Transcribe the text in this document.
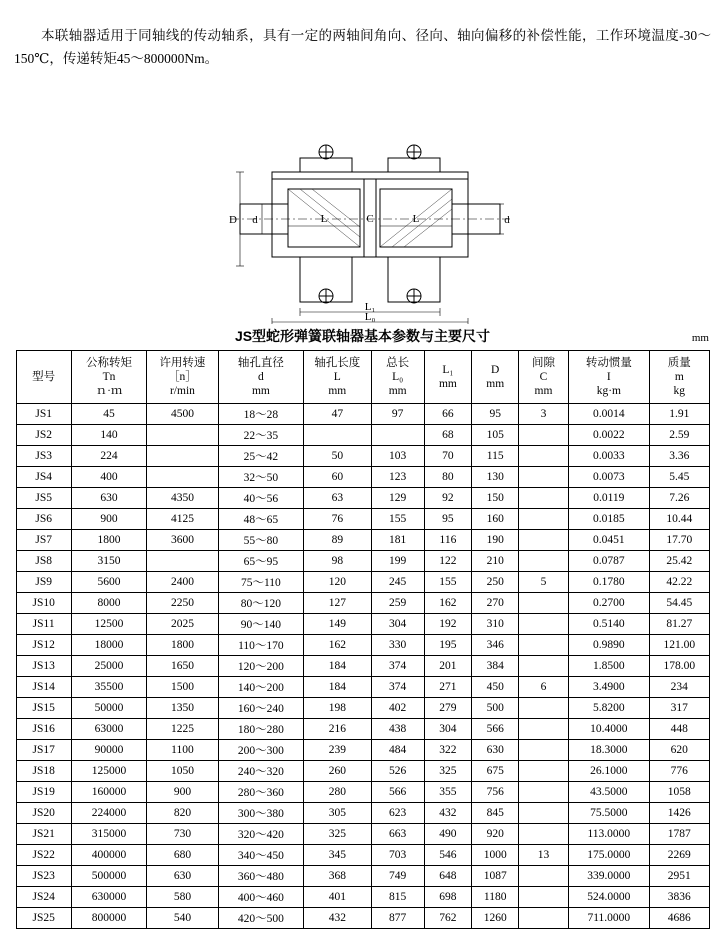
本联轴器适用于同轴线的传动轴系，具有一定的两轴间角向、径向、轴向偏移的补偿性能，工作环境温度-30～150℃，传递转矩45～800000Nm。

D d	L	C	L	d
L₁
L₀
JS型蛇形弹簧联轴器基本参数与主要尺寸	mm
型号	公称转矩
Tn
ｎ·ｍ	许用转速
［n］
r/min	轴孔直径
d
mm	轴孔长度
L
mm	总长
L₀
mm	L₁
mm	D
mm	间隙
C
mm	转动惯量
I
kg·m	质量
m
kg

JS1	45	4500	18～28	47	97	66	95	3	0.0014	1.91
JS2	140		22～35			68	105		0.0022	2.59
JS3	224		25～42	50	103	70	115		0.0033	3.36
JS4	400		32～50	60	123	80	130		0.0073	5.45
JS5	630	4350	40～56	63	129	92	150		0.0119	7.26
JS6	900	4125	48～65	76	155	95	160		0.0185	10.44
JS7	1800	3600	55～80	89	181	116	190		0.0451	17.70
JS8	3150		65～95	98	199	122	210		0.0787	25.42
JS9	5600	2400	75～110	120	245	155	250	5	0.1780	42.22
JS10	8000	2250	80～120	127	259	162	270		0.2700	54.45
JS11	12500	2025	90～140	149	304	192	310		0.5140	81.27
JS12	18000	1800	110～170	162	330	195	346		0.9890	121.00
JS13	25000	1650	120～200	184	374	201	384		1.8500	178.00
JS14	35500	1500	140～200	184	374	271	450	6	3.4900	234
JS15	50000	1350	160～240	198	402	279	500		5.8200	317
JS16	63000	1225	180～280	216	438	304	566		10.4000	448
JS17	90000	1100	200～300	239	484	322	630		18.3000	620
JS18	125000	1050	240～320	260	526	325	675		26.1000	776
JS19	160000	900	280～360	280	566	355	756		43.5000	1058
JS20	224000	820	300～380	305	623	432	845		75.5000	1426
JS21	315000	730	320～420	325	663	490	920		113.0000	1787
JS22	400000	680	340～450	345	703	546	1000	13	175.0000	2269
JS23	500000	630	360～480	368	749	648	1087		339.0000	2951
JS24	630000	580	400～460	401	815	698	1180		524.0000	3836
JS25	800000	540	420～500	432	877	762	1260		711.0000	4686
